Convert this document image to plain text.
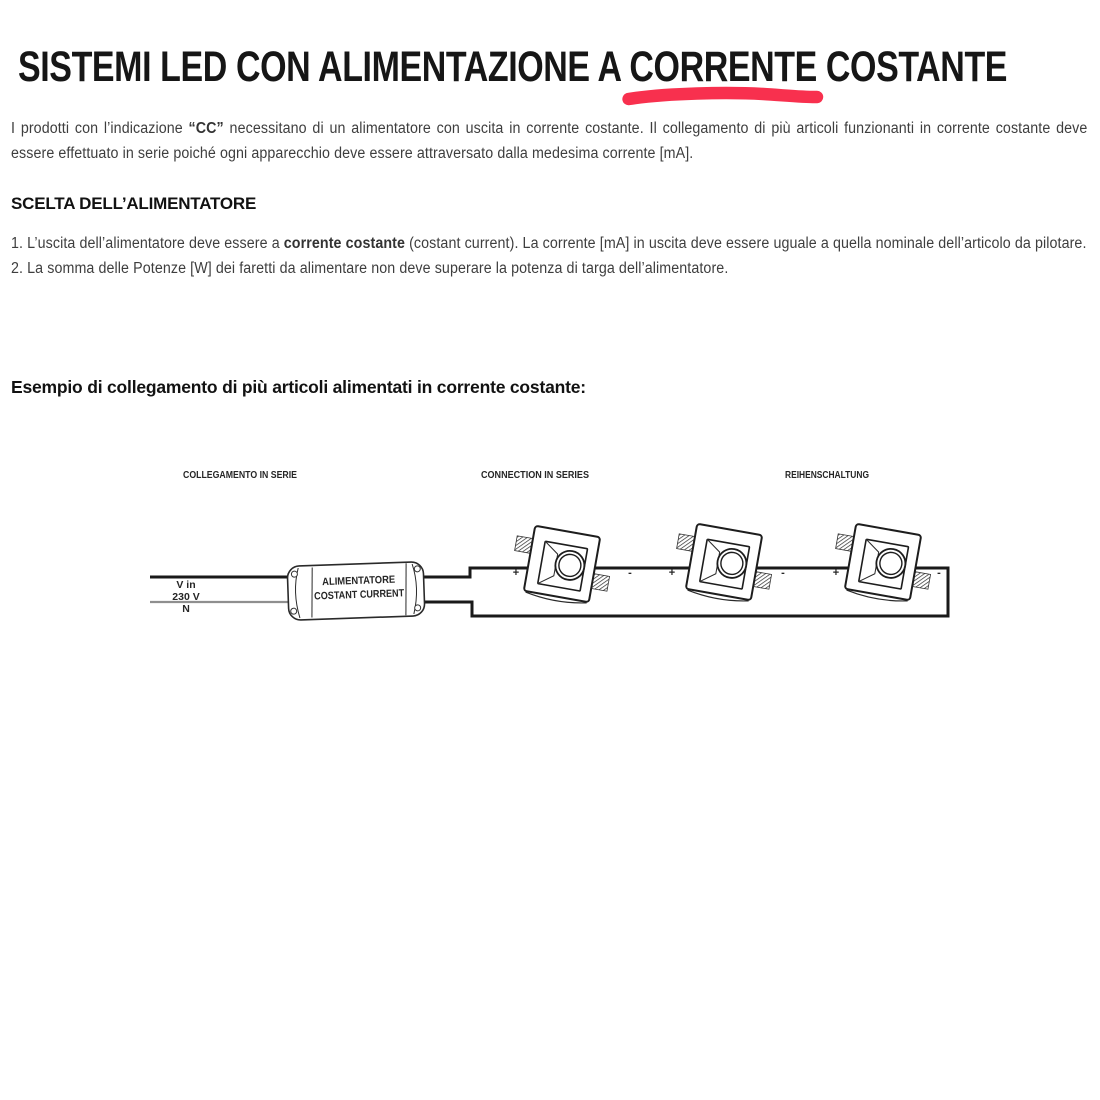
SISTEMI LED CON ALIMENTAZIONE A CORRENTE
COSTANTE

I prodotti con l’indicazione “CC” necessitano di un alimentatore con uscita in corrente costante. Il collegamento di più articoli funzionanti in corrente costante deve essere effettuato in serie poiché ogni apparecchio deve essere attraversato dalla medesima corrente [mA].

SCELTA DELL’ALIMENTATORE

1. L’uscita dell’alimentatore deve essere a corrente costante (costant current). La corrente [mA] in uscita deve essere uguale a quella nominale dell’articolo da pilotare.

2. La somma delle Potenze [W] dei faretti da alimentare non deve superare la potenza di targa dell’alimentatore.

Esempio di collegamento di più articoli alimentati in corrente costante:
COLLEGAMENTO IN SERIE	CONNECTION IN SERIES	REIHENSCHALTUNG
V in
230 V
N
ALIMENTATORE
COSTANT CURRENT
+	-	+	-	+	-
